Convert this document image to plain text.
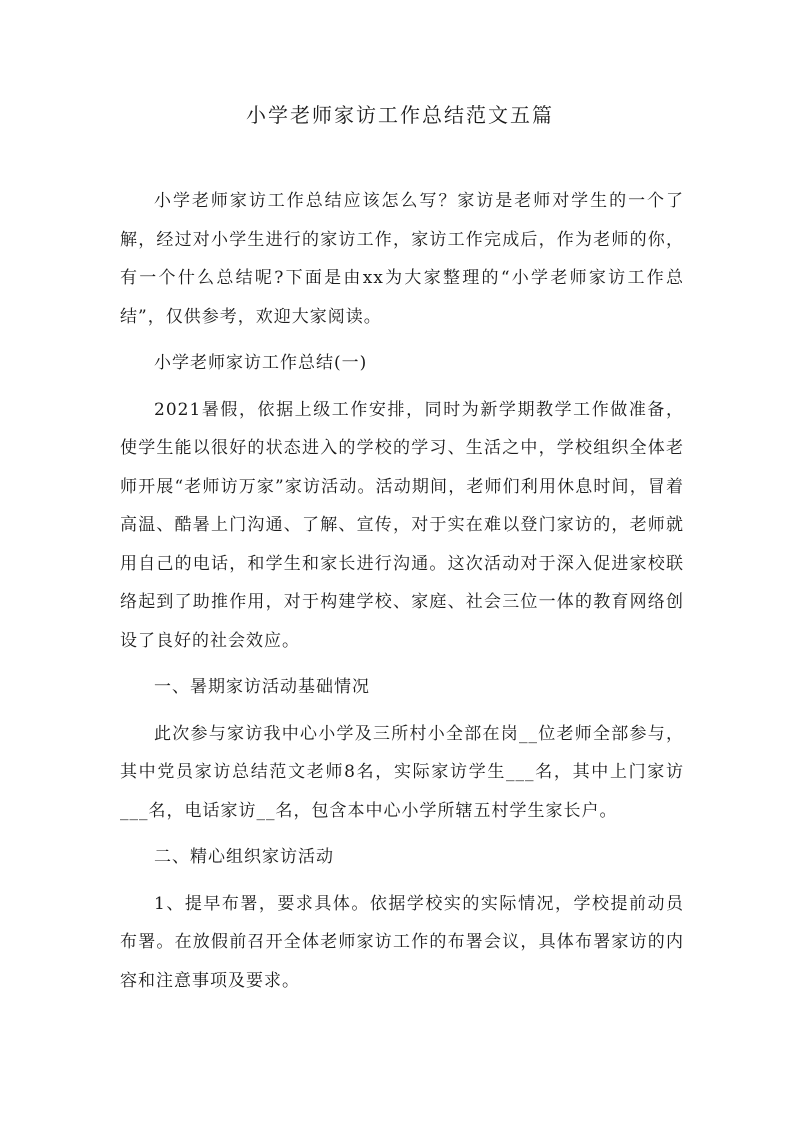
小学老师家访工作总结范文五篇

小学老师家访工作总结应该怎么写？家访是老师对学生的一个了解，经过对小学生进行的家访工作，家访工作完成后，作为老师的你，有一个什么总结呢?下面是由xx为大家整理的“小学老师家访工作总结”，仅供参考，欢迎大家阅读。

小学老师家访工作总结(一)

2021暑假，依据上级工作安排，同时为新学期教学工作做准备，使学生能以很好的状态进入的学校的学习、生活之中，学校组织全体老师开展“老师访万家”家访活动。活动期间，老师们利用休息时间，冒着高温、酷暑上门沟通、了解、宣传，对于实在难以登门家访的，老师就用自己的电话，和学生和家长进行沟通。这次活动对于深入促进家校联络起到了助推作用，对于构建学校、家庭、社会三位一体的教育网络创设了良好的社会效应。

一、暑期家访活动基础情况

此次参与家访我中心小学及三所村小全部在岗__位老师全部参与，其中党员家访总结范文老师8名，实际家访学生___名，其中上门家访___名，电话家访__名，包含本中心小学所辖五村学生家长户。

二、精心组织家访活动

1、提早布署，要求具体。依据学校实的实际情况，学校提前动员布署。在放假前召开全体老师家访工作的布署会议，具体布署家访的内容和注意事项及要求。
